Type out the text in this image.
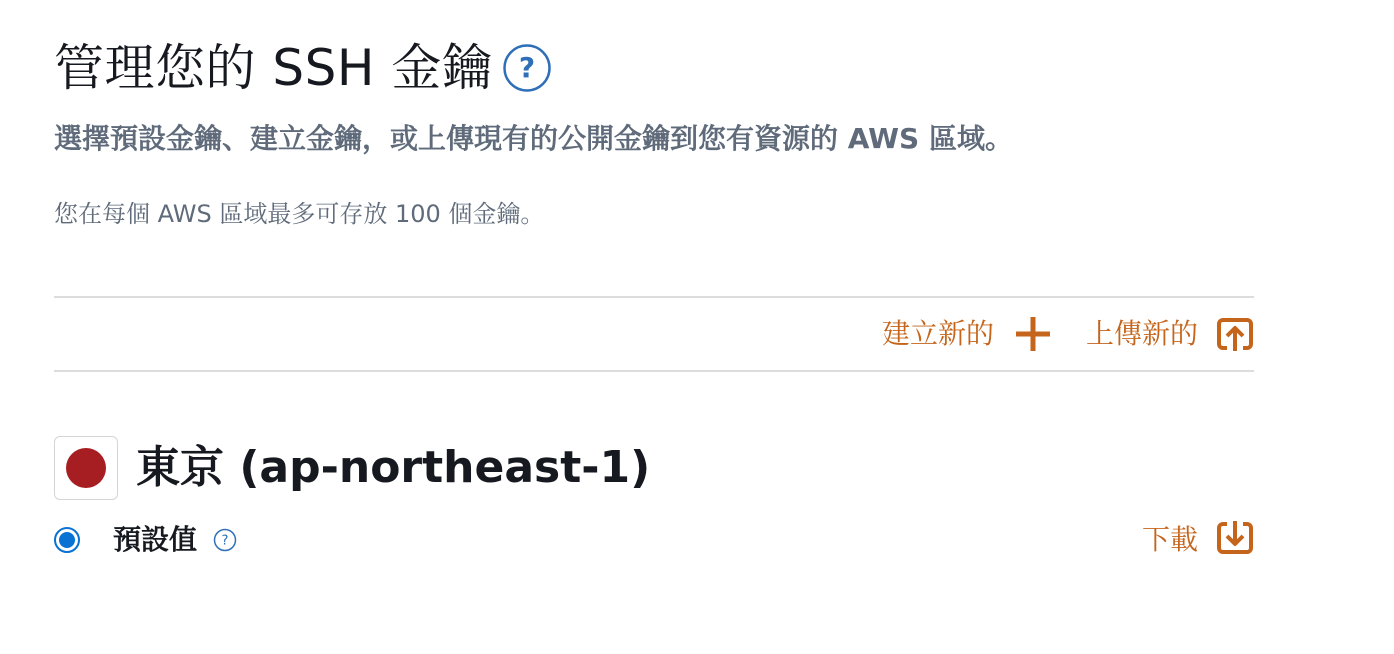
管理您的 SSH 金鑰 ?

選擇預設金鑰、建立金鑰，或上傳現有的公開金鑰到您有資源的 AWS 區域。

您在每個 AWS 區域最多可存放 100 個金鑰。

建立新的	上傳新的
東京 (ap-northeast-1)
預設值 ?	下載
